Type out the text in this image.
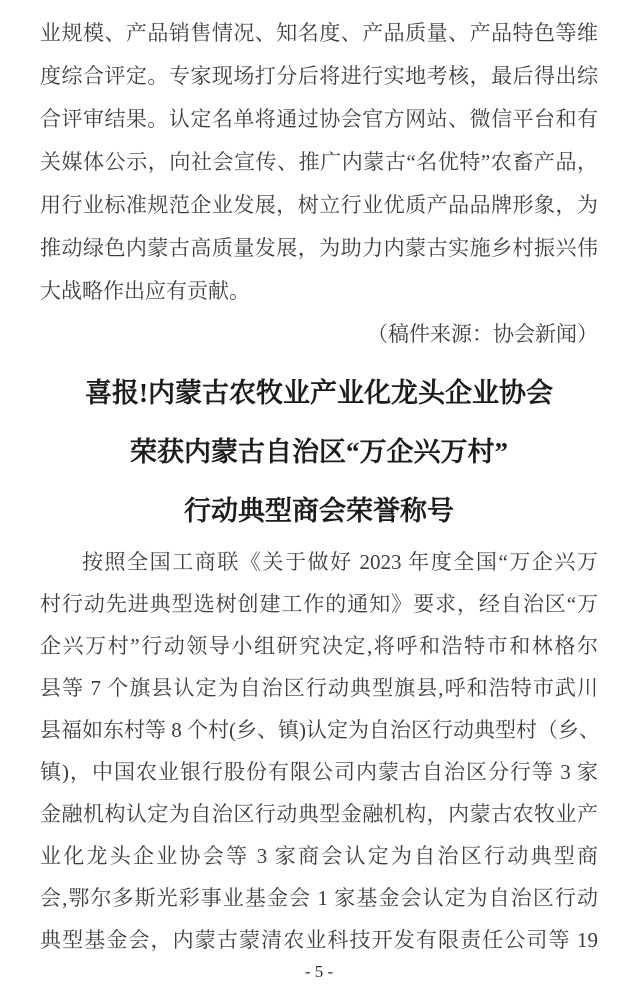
业规模、产品销售情况、知名度、产品质量、产品特色等维
度综合评定。专家现场打分后将进行实地考核，最后得出综
合评审结果。认定名单将通过协会官方网站、微信平台和有
关媒体公示，向社会宣传、推广内蒙古“名优特”农畜产品，
用行业标准规范企业发展，树立行业优质产品品牌形象，为
推动绿色内蒙古高质量发展，为助力内蒙古实施乡村振兴伟
大战略作出应有贡献。
（稿件来源：协会新闻）
喜报!内蒙古农牧业产业化龙头企业协会
荣获内蒙古自治区“万企兴万村”
行动典型商会荣誉称号
按照全国工商联《关于做好 2023 年度全国“万企兴万
村行动先进典型选树创建工作的通知》要求，经自治区“万
企兴万村”行动领导小组研究决定,将呼和浩特市和林格尔
县等 7 个旗县认定为自治区行动典型旗县,呼和浩特市武川
县福如东村等 8 个村(乡、镇)认定为自治区行动典型村（乡、
镇)，中国农业银行股份有限公司内蒙古自治区分行等 3 家
金融机构认定为自治区行动典型金融机构，内蒙古农牧业产
业化龙头企业协会等 3 家商会认定为自治区行动典型商
会,鄂尔多斯光彩事业基金会 1 家基金会认定为自治区行动
典型基金会，内蒙古蒙清农业科技开发有限责任公司等 19
- 5 -
